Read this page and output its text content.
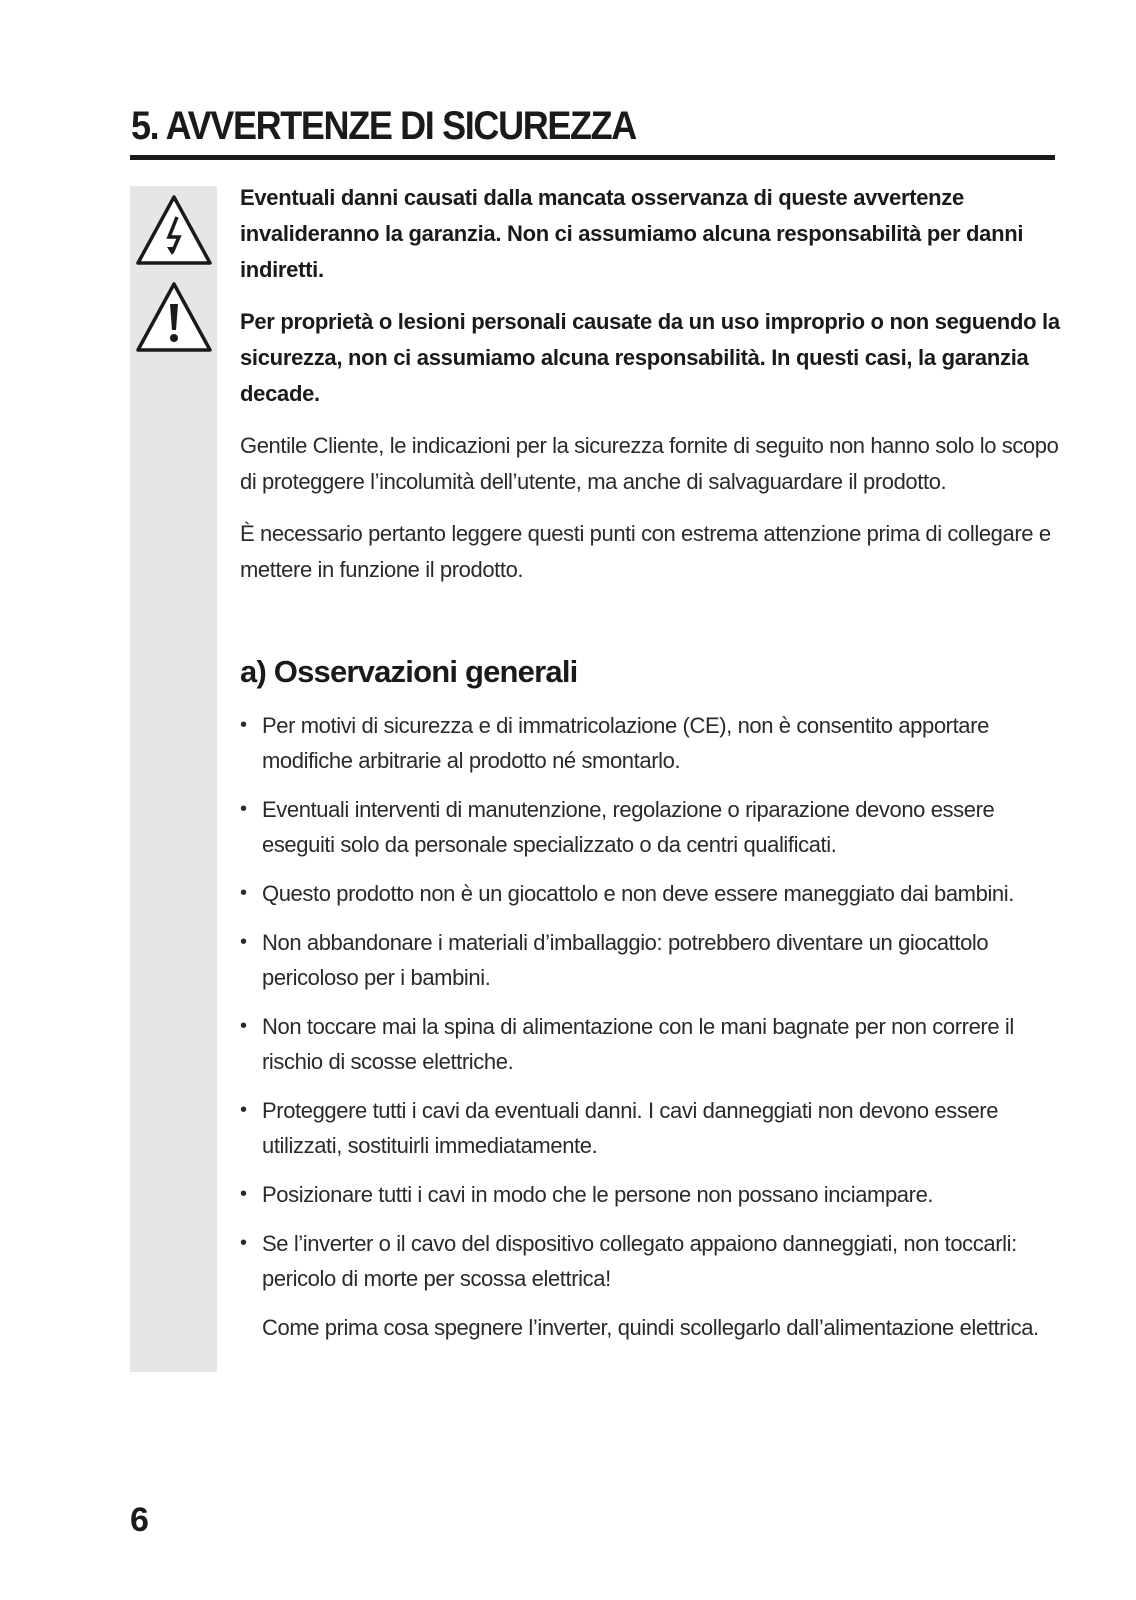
5. AVVERTENZE DI SICUREZZA

Eventuali danni causati dalla mancata osservanza di queste avvertenze invalideranno la garanzia. Non ci assumiamo alcuna responsabilità per danni indiretti.

Per proprietà o lesioni personali causate da un uso improprio o non seguendo la sicurezza, non ci assumiamo alcuna responsabilità. In questi casi, la garanzia decade.

Gentile Cliente, le indicazioni per la sicurezza fornite di seguito non hanno solo lo scopo di proteggere l’incolumità dell’utente, ma anche di salvaguardare il prodotto.

È necessario pertanto leggere questi punti con estrema attenzione prima di collegare e mettere in funzione il prodotto.

a) Osservazioni generali
• Per motivi di sicurezza e di immatricolazione (CE), non è consentito apportare modifiche arbitrarie al prodotto né smontarlo.
• Eventuali interventi di manutenzione, regolazione o riparazione devono essere eseguiti solo da personale specializzato o da centri qualificati.
• Questo prodotto non è un giocattolo e non deve essere maneggiato dai bambini.
• Non abbandonare i materiali d’imballaggio: potrebbero diventare un giocattolo pericoloso per i bambini.
• Non toccare mai la spina di alimentazione con le mani bagnate per non correre il rischio di scosse elettriche.
• Proteggere tutti i cavi da eventuali danni. I cavi danneggiati non devono essere utilizzati, sostituirli immediatamente.
• Posizionare tutti i cavi in modo che le persone non possano inciampare.
• Se l’inverter o il cavo del dispositivo collegato appaiono danneggiati, non toccarli: pericolo di morte per scossa elettrica!

Come prima cosa spegnere l’inverter, quindi scollegarlo dall’alimentazione elettrica.

6
